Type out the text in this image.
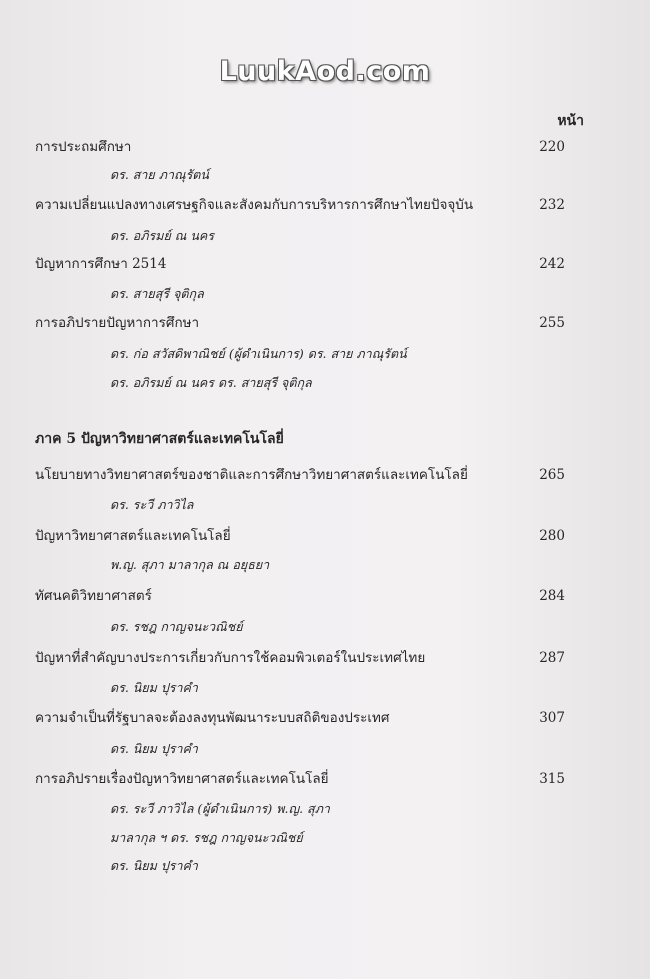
LuukAod.com
หน้า
การประถมศึกษา	220
ดร. สาย ภาณุรัตน์
ความเปลี่ยนแปลงทางเศรษฐกิจและสังคมกับการบริหารการศึกษาไทยปัจจุบัน	232
ดร. อภิรมย์ ณ นคร
ปัญหาการศึกษา 2514	242
ดร. สายสุรี จุติกุล
การอภิปรายปัญหาการศึกษา	255
ดร. ก่อ สวัสดิพาณิชย์ (ผู้ดำเนินการ) ดร. สาย ภาณุรัตน์
ดร. อภิรมย์ ณ นคร ดร. สายสุรี จุติกุล
ภาค 5 ปัญหาวิทยาศาสตร์และเทคโนโลยี่
นโยบายทางวิทยาศาสตร์ของชาติและการศึกษาวิทยาศาสตร์และเทคโนโลยี่	265
ดร. ระวี ภาวิไล
ปัญหาวิทยาศาสตร์และเทคโนโลยี่	280
พ.ญ. สุภา มาลากุล ณ อยุธยา
ทัศนคติวิทยาศาสตร์	284
ดร. รชฎ กาญจนะวณิชย์
ปัญหาที่สำคัญบางประการเกี่ยวกับการใช้คอมพิวเตอร์ในประเทศไทย	287
ดร. นิยม ปุราคำ
ความจำเป็นที่รัฐบาลจะต้องลงทุนพัฒนาระบบสถิติของประเทศ	307
ดร. นิยม ปุราคำ
การอภิปรายเรื่องปัญหาวิทยาศาสตร์และเทคโนโลยี่	315
ดร. ระวี ภาวิไล (ผู้ดำเนินการ) พ.ญ. สุภา
มาลากุล ฯ ดร. รชฎ กาญจนะวณิชย์
ดร. นิยม ปุราคำ
